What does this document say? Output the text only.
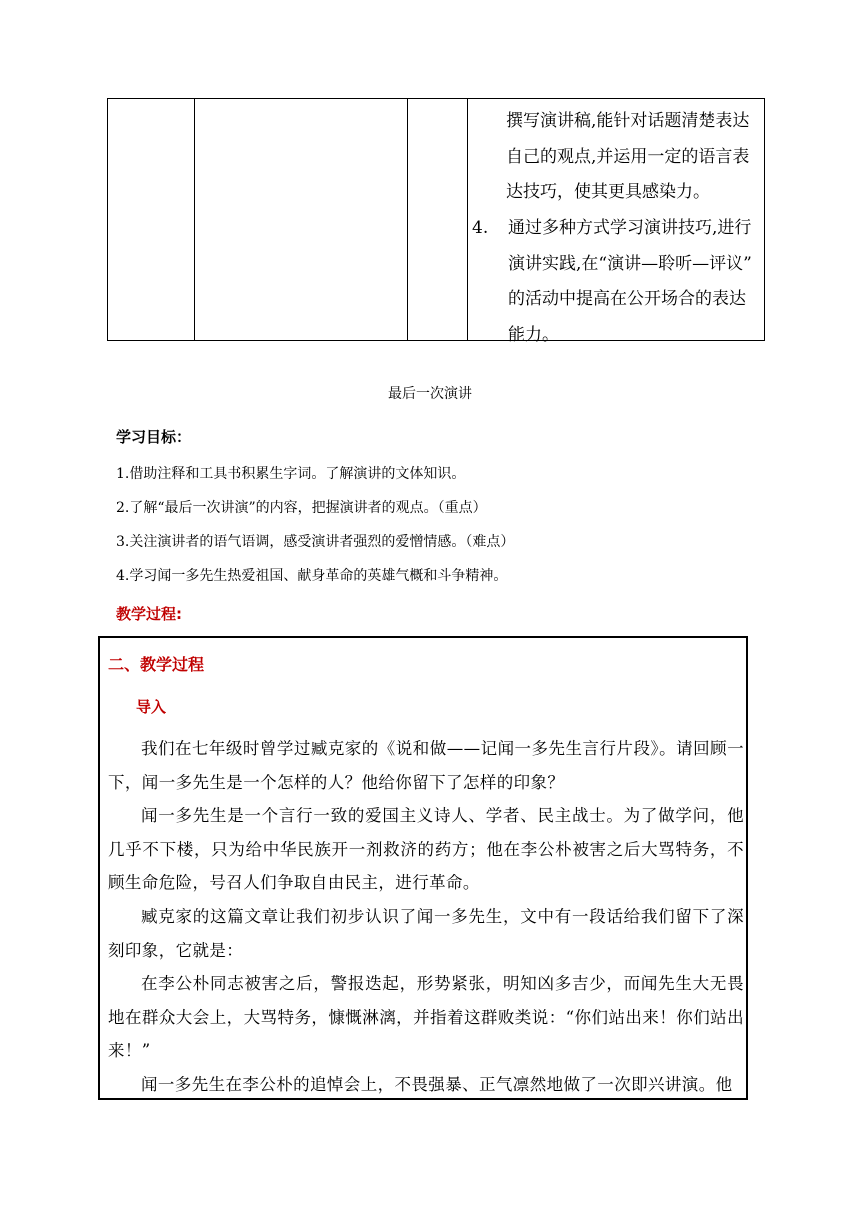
撰写演讲稿,能针对话题清楚表达
自己的观点,并运用一定的语言表
达技巧，使其更具感染力。
4. 通过多种方式学习演讲技巧,进行
演讲实践,在“演讲—聆听—评议”
的活动中提高在公开场合的表达
能力。
最后一次演讲
学习目标：
1.借助注释和工具书积累生字词。了解演讲的文体知识。
2.了解“最后一次讲演”的内容，把握演讲者的观点。（重点）
3.关注演讲者的语气语调，感受演讲者强烈的爱憎情感。（难点）
4.学习闻一多先生热爱祖国、献身革命的英雄气概和斗争精神。
教学过程:
二、教学过程
导入
我们在七年级时曾学过臧克家的《说和做——记闻一多先生言行片段》。请回顾一下，闻一多先生是一个怎样的人？他给你留下了怎样的印象？
闻一多先生是一个言行一致的爱国主义诗人、学者、民主战士。为了做学问，他几乎不下楼，只为给中华民族开一剂救济的药方；他在李公朴被害之后大骂特务，不顾生命危险，号召人们争取自由民主，进行革命。
臧克家的这篇文章让我们初步认识了闻一多先生，文中有一段话给我们留下了深刻印象，它就是：
在李公朴同志被害之后，警报迭起，形势紧张，明知凶多吉少，而闻先生大无畏地在群众大会上，大骂特务，慷慨淋漓，并指着这群败类说：“你们站出来！你们站出来！”
闻一多先生在李公朴的追悼会上，不畏强暴、正气凛然地做了一次即兴讲演。他
